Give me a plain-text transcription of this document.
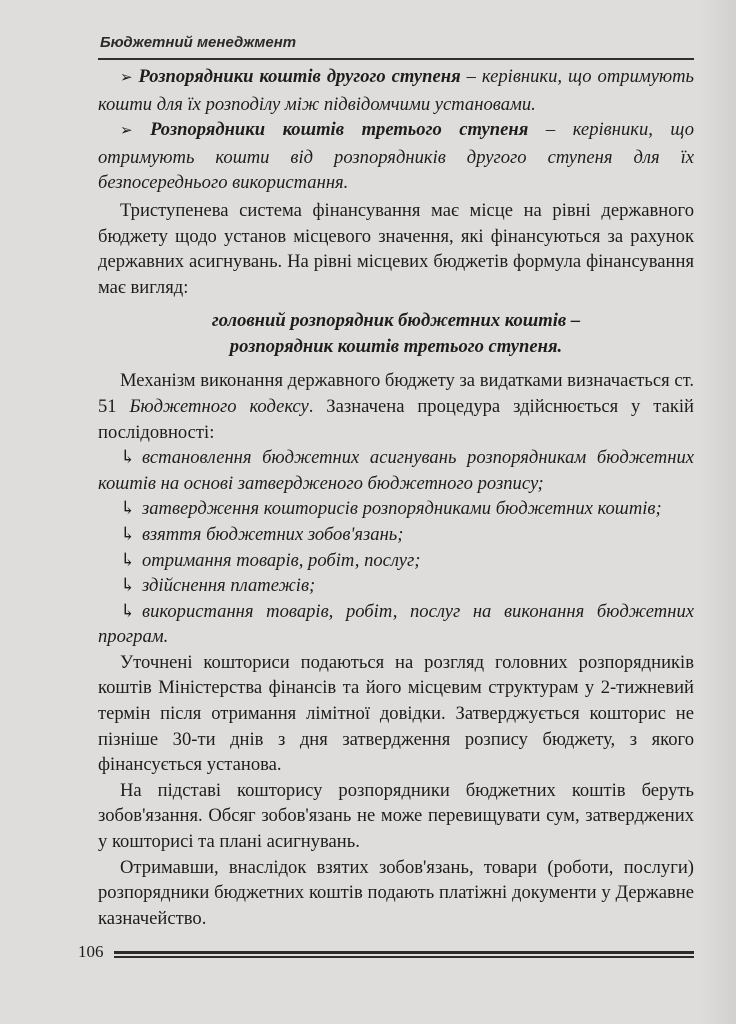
Бюджетний менеджмент

➢ Розпорядники коштів другого ступеня – керівники, що отримують кошти для їх розподілу між підвідомчими установами.

➢ Розпорядники коштів третього ступеня – керівники, що отримують кошти від розпорядників другого ступеня для їх безпосереднього використання.

Триступенева система фінансування має місце на рівні державного бюджету щодо установ місцевого значення, які фінансуються за рахунок державних асигнувань. На рівні місцевих бюджетів формула фінансування має вигляд:

головний розпорядник бюджетних коштів –
розпорядник коштів третього ступеня.

Механізм виконання державного бюджету за видатками визначається ст. 51 Бюджетного кодексу. Зазначена процедура здійснюється у такій послідовності:

↳ встановлення бюджетних асигнувань розпорядникам бюджетних коштів на основі затвердженого бюджетного розпису;
↳ затвердження кошторисів розпорядниками бюджетних коштів;
↳ взяття бюджетних зобов'язань;
↳ отримання товарів, робіт, послуг;
↳ здійснення платежів;
↳ використання товарів, робіт, послуг на виконання бюджетних програм.

Уточнені кошториси подаються на розгляд головних розпорядників коштів Міністерства фінансів та його місцевим структурам у 2-тижневий термін після отримання лімітної довідки. Затверджується кошторис не пізніше 30-ти днів з дня затвердження розпису бюджету, з якого фінансується установа.

На підставі кошторису розпорядники бюджетних коштів беруть зобов'язання. Обсяг зобов'язань не може перевищувати сум, затверджених у кошторисі та плані асигнувань.

Отримавши, внаслідок взятих зобов'язань, товари (роботи, послуги) розпорядники бюджетних коштів подають платіжні документи у Державне казначейство.

106
